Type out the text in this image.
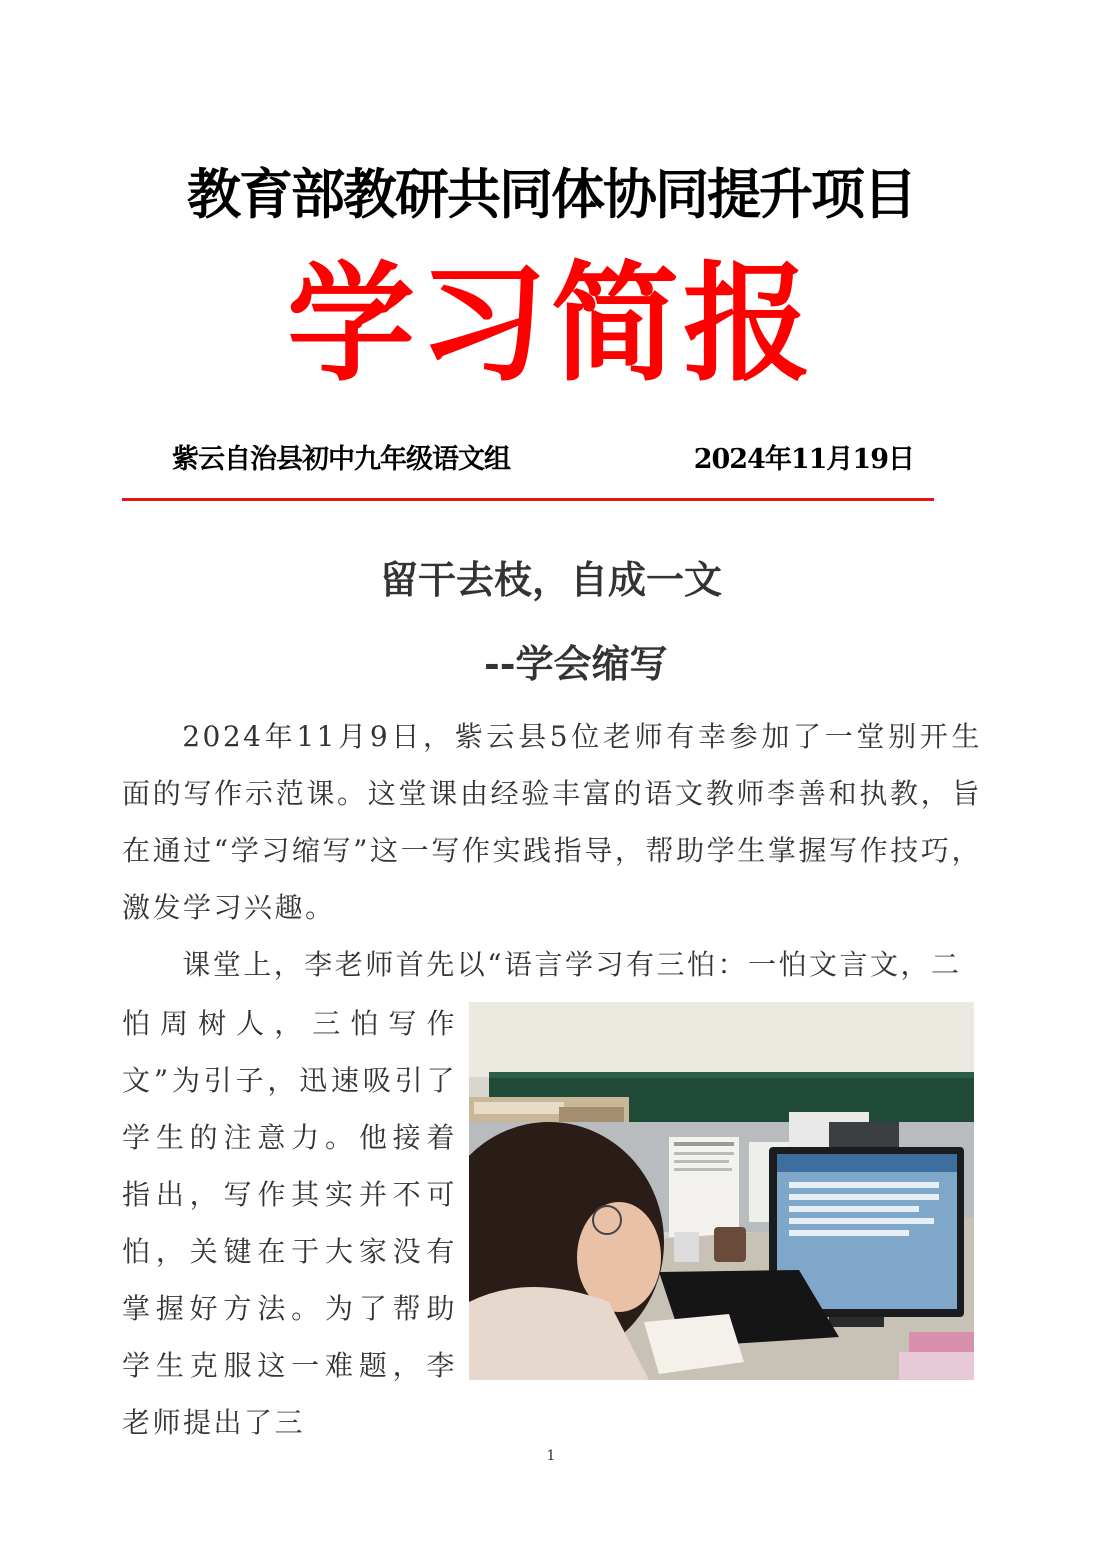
教育部教研共同体协同提升项目
学习简报
紫云自治县初中九年级语文组	2024年11月19日
留干去枝，自成一文
--学会缩写

2024年11月9日，紫云县5位老师有幸参加了一堂别开生面的写作示范课。这堂课由经验丰富的语文教师李善和执教，旨在通过“学习缩写”这一写作实践指导，帮助学生掌握写作技巧，激发学习兴趣。

课堂上，李老师首先以“语言学习有三怕：一怕文言文，二
怕周树人，三怕写作文”为引子，迅速吸引了学生的注意力。他接着指出，写作其实并不可怕，关键在于大家没有掌握好方法。为了帮助学生克服这一难题，李老师提出了三
1
